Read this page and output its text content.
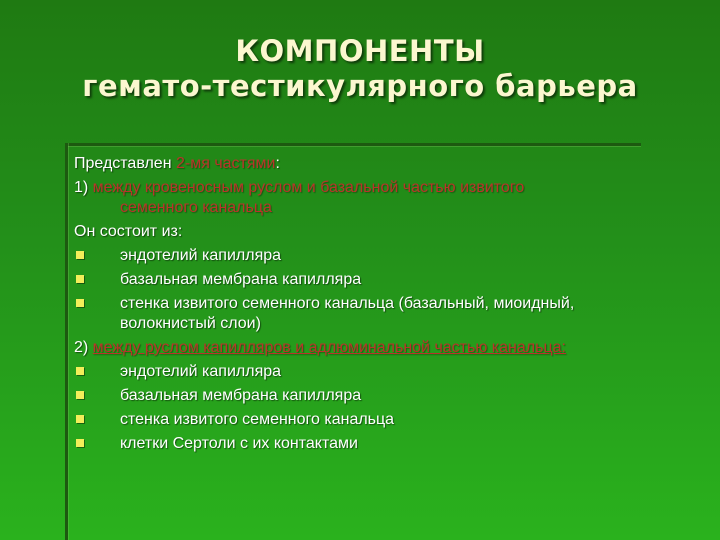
КОМПОНЕНТЫ
гемато-тестикулярного барьера
Представлен 2-мя частями:
1) между кровеносным руслом и базальной частью извитого
семенного канальца
Он состоит из:
эндотелий капилляра
базальная мембрана капилляра
стенка извитого семенного канальца (базальный, миоидный,
волокнистый слои)
2) между руслом капилляров и адлюминальной частью канальца:
эндотелий капилляра
базальная мембрана капилляра
стенка извитого семенного канальца
клетки Сертоли с их контактами
